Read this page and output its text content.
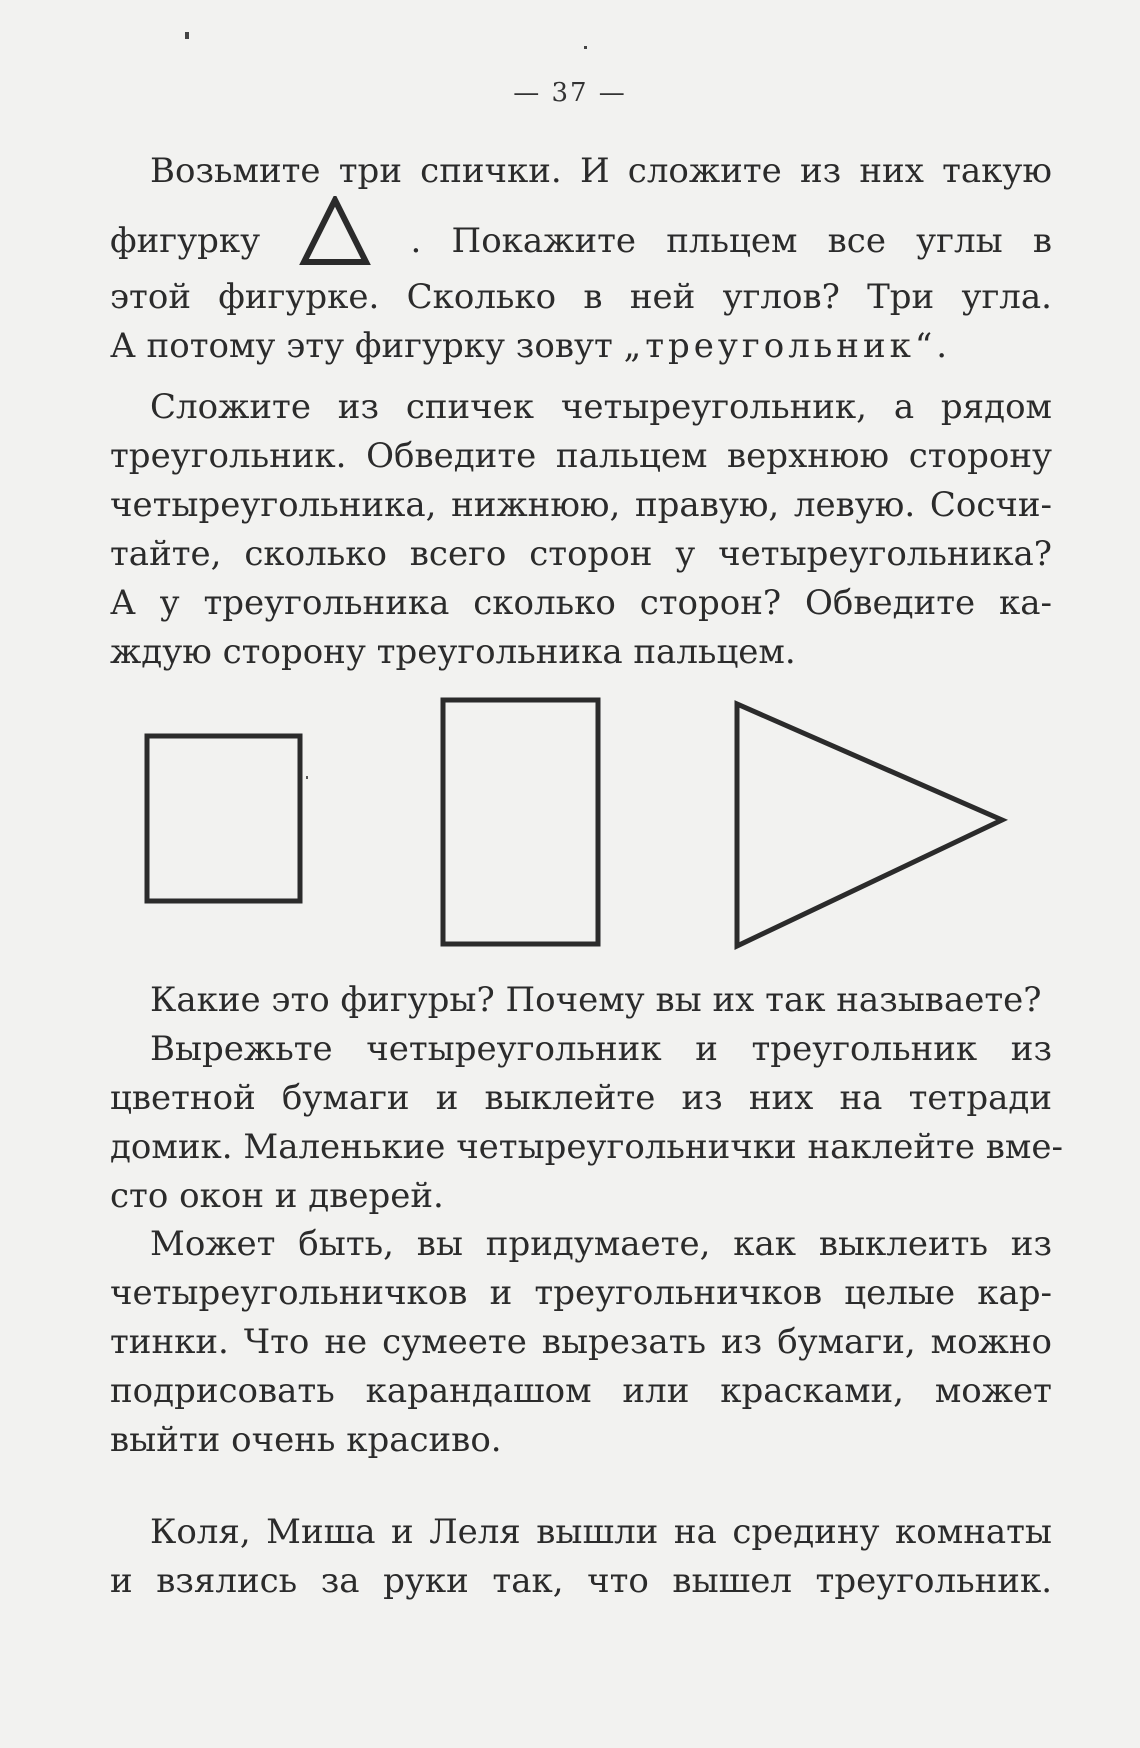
— 37 —
Возьмите три спички. И сложите из них такую
фигурку	. Покажите пльцем все углы в
этой фигурке. Сколько в ней углов? Три угла.
А потому эту фигурку зовут „треугольник“.
Сложите из спичек четыреугольник, а рядом
треугольник. Обведите пальцем верхнюю сторону
четыреугольника, нижнюю, правую, левую. Сосчи-
тайте, сколько всего сторон у четыреугольника?
А у треугольника сколько сторон? Обведите ка-
ждую сторону треугольника пальцем.
Какие это фигуры? Почему вы их так называете?
Вырежьте четыреугольник и треугольник из
цветной бумаги и выклейте из них на тетради
домик. Маленькие четыреугольнички наклейте вме-
сто окон и дверей.
Может быть, вы придумаете, как выклеить из
четыреугольничков и треугольничков целые кар-
тинки. Что не сумеете вырезать из бумаги, можно
подрисовать карандашом или красками, может
выйти очень красиво.
Коля, Миша и Леля вышли на средину комнаты
и взялись за руки так, что вышел треугольник.
